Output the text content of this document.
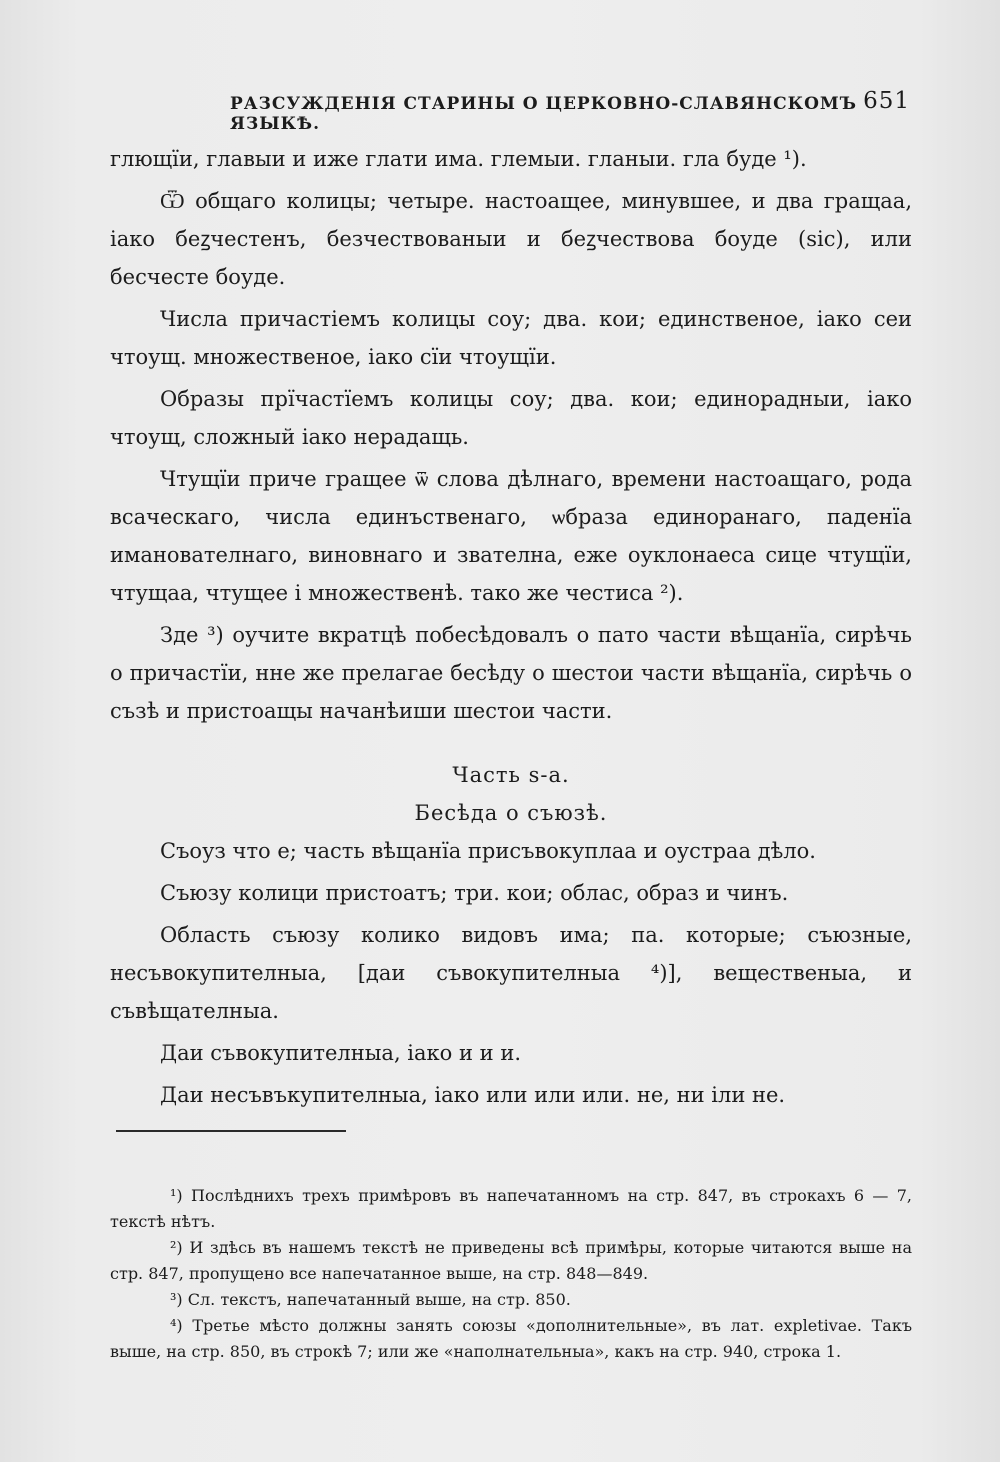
РАЗСУЖДЕНІЯ СТАРИНЫ О ЦЕРКОВНО-СЛАВЯНСКОМЪ ЯЗЫКѢ.
651

глющїи, главыи и иже глати има. глемыи. гланыи. гла буде ¹).

Ѿ общаго колицы; четыре. настоащее, минувшее, и два гращаа, іако беꙁчестенъ, безчествованыи и беꙁчествова боуде (sic), или бесчесте боуде.

Числа причастіемъ колицы соу; два. кои; единственое, іако сеи чтоущ. множественое, іако сїи чтоущїи.

Образы прїчастїемъ колицы соу; два. кои; единорадныи, іако чтоущ, сложный іако нерадащь.

Чтущїи приче гращее ѿ слова дѣлнаго, времени настоащаго, рода всаческаго, числа единъственаго, ѡбраза единоранаго, паденїа иманователнаго, виновнаго и звателна, еже оуклонаеса сице чтущїи, чтущаа, чтущее і множественѣ. тако же честиса ²).

Зде ³) оучите вкратцѣ побесѣдовалъ о пато части вѣщанїа, сирѣчь о причастїи, нне же прелагае бесѣду о шестои части вѣщанїа, сирѣчь о съзѣ и пристоащы начанѣиши шестои части.

Часть ѕ-а.

Бесѣда о съюзѣ.

Съоуз что е; часть вѣщанїа присъвокуплаа и оустраа дѣло.

Съюзу колици пристоатъ; три. кои; облас, образ и чинъ.

Область съюзу колико видовъ има; па. которые; съюзные, несъвокупителныа, [даи съвокупителныа ⁴)], вещественыа, и съвѣщателныа.

Даи съвокупителныа, іако и и и.

Даи несъвъкупителныа, іако или или или. не, ни іли не.

¹) Послѣднихъ трехъ примѣровъ въ напечатанномъ на стр. 847, въ строкахъ 6 — 7, текстѣ нѣтъ.

²) И здѣсь въ нашемъ текстѣ не приведены всѣ примѣры, которые читаются выше на стр. 847, пропущено все напечатанное выше, на стр. 848—849.

³) Сл. текстъ, напечатанный выше, на стр. 850.

⁴) Третье мѣсто должны занять союзы «дополнительные», въ лат. expletivae. Такъ выше, на стр. 850, въ строкѣ 7; или же «наполнательныа», какъ на стр. 940, строка 1.
